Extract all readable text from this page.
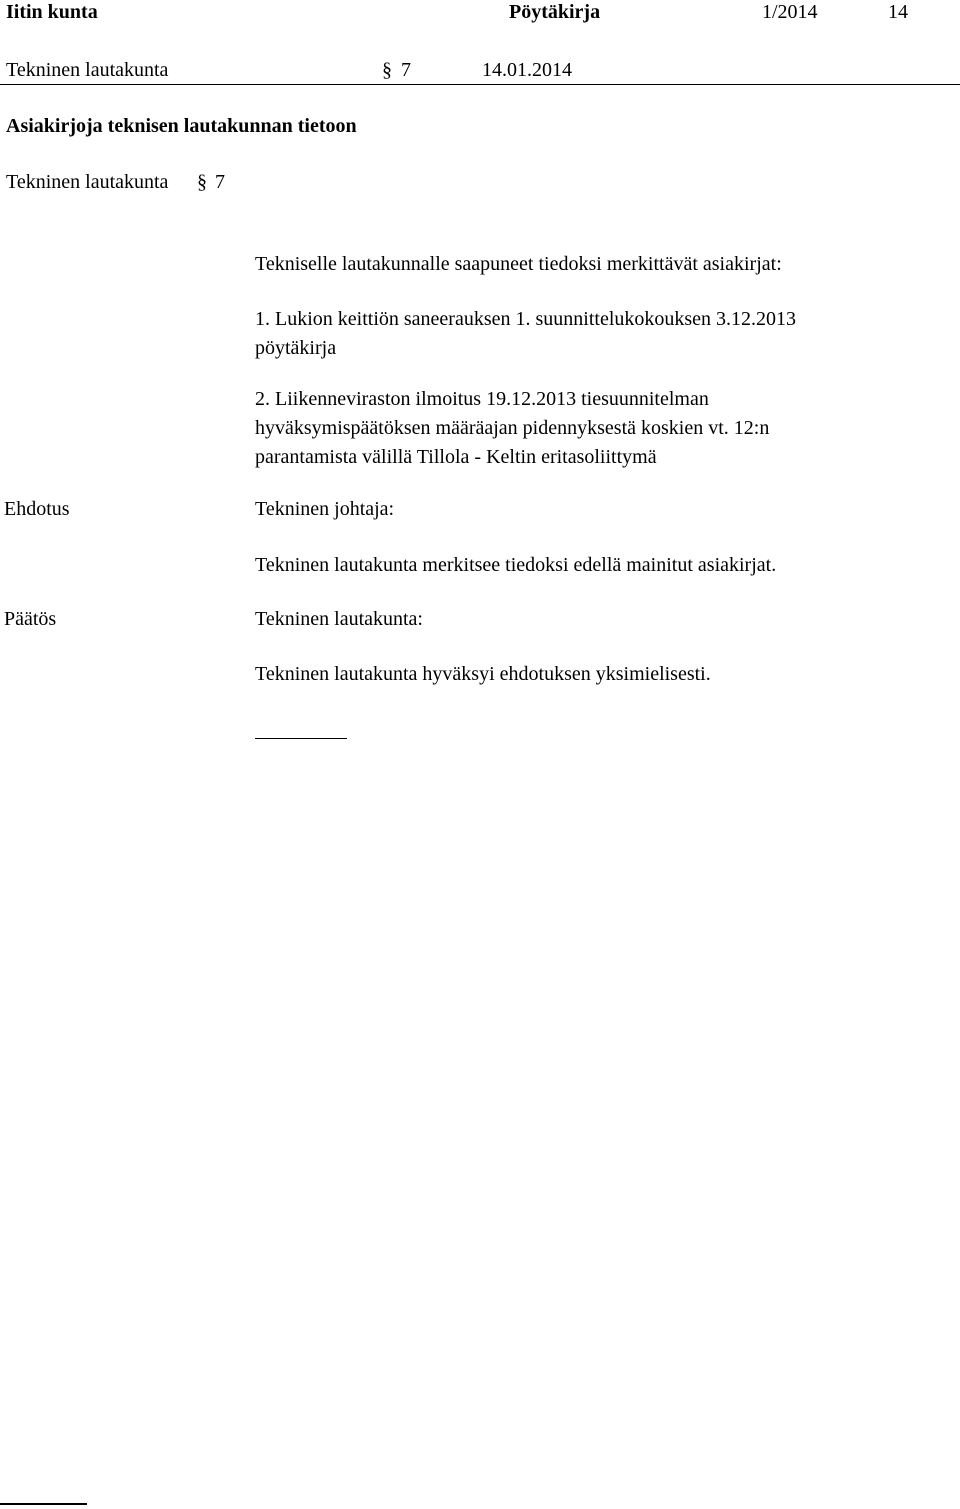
Iitin kunta	Pöytäkirja	1/2014	14
Tekninen lautakunta	§ 7	14.01.2014
Asiakirjoja teknisen lautakunnan tietoon
Tekninen lautakunta § 7
Tekniselle lautakunnalle saapuneet tiedoksi merkittävät asiakirjat:
1. Lukion keittiön saneerauksen 1. suunnittelukokouksen 3.12.2013
pöytäkirja
2. Liikenneviraston ilmoitus 19.12.2013 tiesuunnitelman
hyväksymispäätöksen määräajan pidennyksestä koskien vt. 12:n
parantamista välillä Tillola - Keltin eritasoliittymä
Ehdotus	Tekninen johtaja:
Tekninen lautakunta merkitsee tiedoksi edellä mainitut asiakirjat.
Päätös	Tekninen lautakunta:
Tekninen lautakunta hyväksyi ehdotuksen yksimielisesti.
